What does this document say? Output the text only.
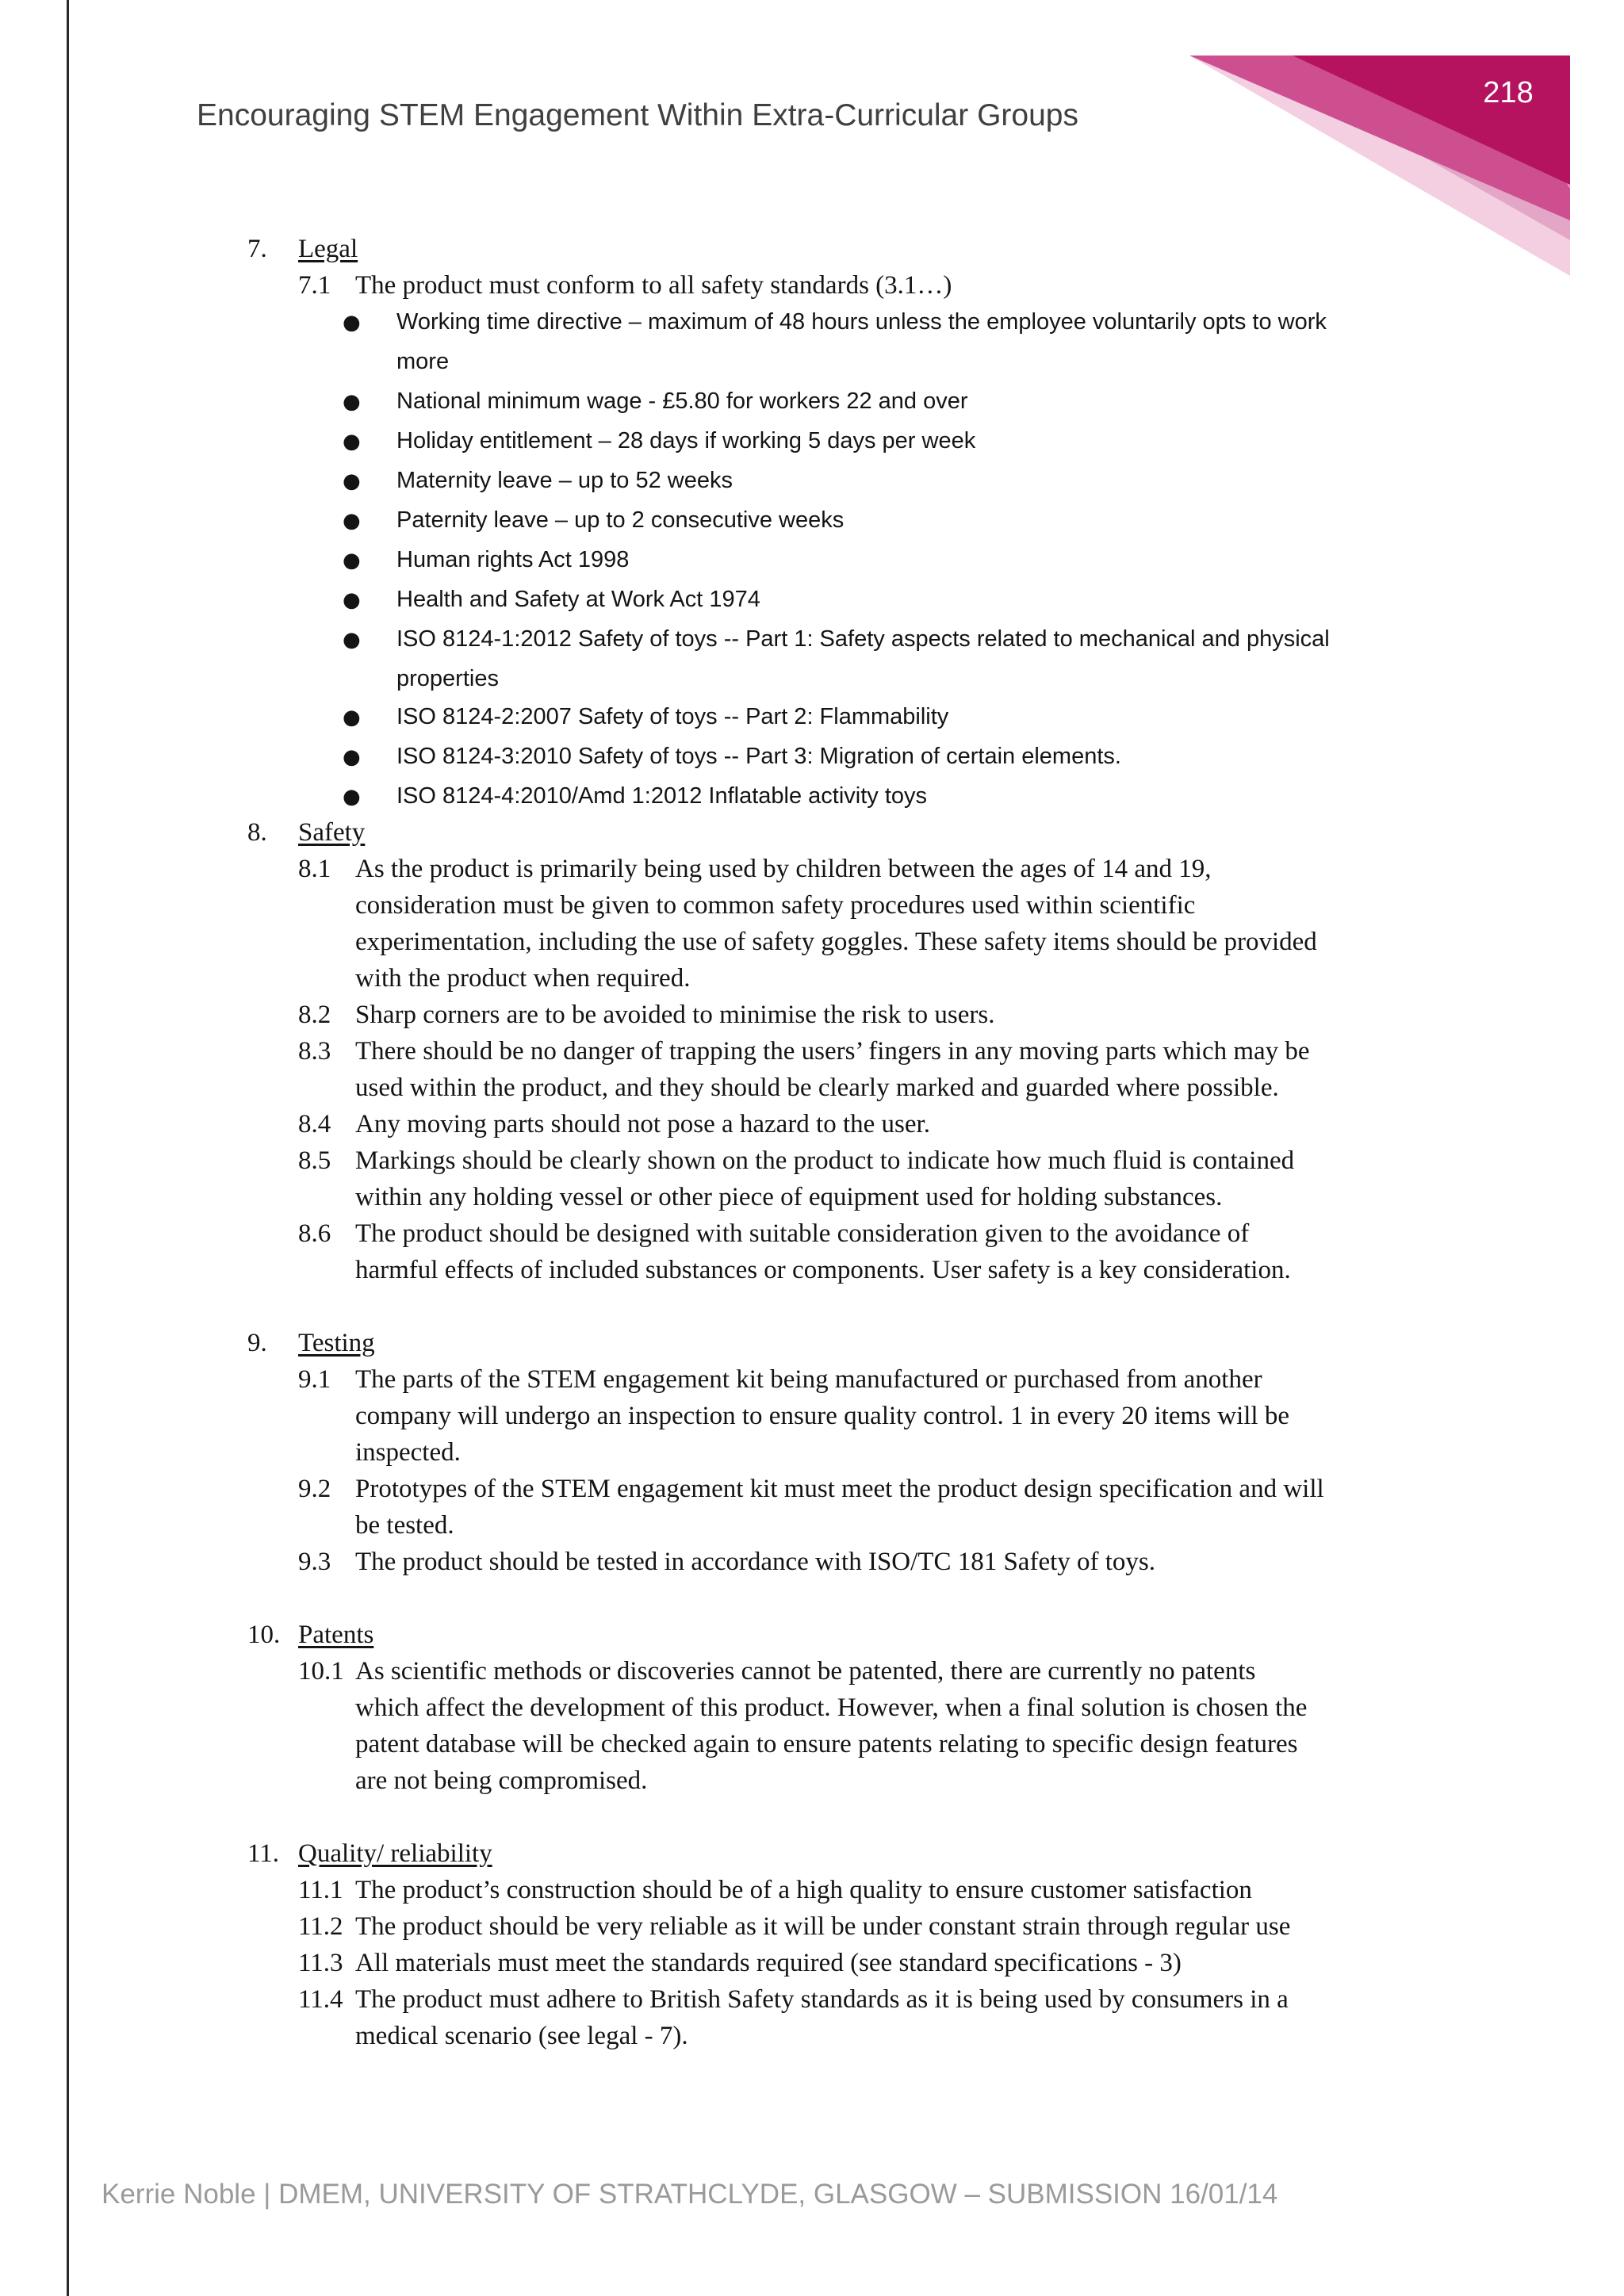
218
Encouraging STEM Engagement Within Extra-Curricular Groups
7. Legal
7.1 The product must conform to all safety standards (3.1…)
● Working time directive – maximum of 48 hours unless the employee voluntarily opts to work
more
● National minimum wage - £5.80 for workers 22 and over
● Holiday entitlement – 28 days if working 5 days per week
● Maternity leave – up to 52 weeks
● Paternity leave – up to 2 consecutive weeks
● Human rights Act 1998
● Health and Safety at Work Act 1974
● ISO 8124-1:2012 Safety of toys -- Part 1: Safety aspects related to mechanical and physical
properties
● ISO 8124-2:2007 Safety of toys -- Part 2: Flammability
● ISO 8124-3:2010 Safety of toys -- Part 3: Migration of certain elements.
● ISO 8124-4:2010/Amd 1:2012 Inflatable activity toys
8. Safety
8.1 As the product is primarily being used by children between the ages of 14 and 19,
consideration must be given to common safety procedures used within scientific
experimentation, including the use of safety goggles. These safety items should be provided
with the product when required.
8.2 Sharp corners are to be avoided to minimise the risk to users.
8.3 There should be no danger of trapping the users’ fingers in any moving parts which may be
used within the product, and they should be clearly marked and guarded where possible.
8.4 Any moving parts should not pose a hazard to the user.
8.5 Markings should be clearly shown on the product to indicate how much fluid is contained
within any holding vessel or other piece of equipment used for holding substances.
8.6 The product should be designed with suitable consideration given to the avoidance of
harmful effects of included substances or components. User safety is a key consideration.
9. Testing
9.1 The parts of the STEM engagement kit being manufactured or purchased from another
company will undergo an inspection to ensure quality control. 1 in every 20 items will be
inspected.
9.2 Prototypes of the STEM engagement kit must meet the product design specification and will
be tested.
9.3 The product should be tested in accordance with ISO/TC 181 Safety of toys.
10. Patents
10.1 As scientific methods or discoveries cannot be patented, there are currently no patents
which affect the development of this product. However, when a final solution is chosen the
patent database will be checked again to ensure patents relating to specific design features
are not being compromised.
11. Quality/ reliability
11.1 The product’s construction should be of a high quality to ensure customer satisfaction
11.2 The product should be very reliable as it will be under constant strain through regular use
11.3 All materials must meet the standards required (see standard specifications - 3)
11.4 The product must adhere to British Safety standards as it is being used by consumers in a
medical scenario (see legal - 7).
Kerrie Noble | DMEM, UNIVERSITY OF STRATHCLYDE, GLASGOW – SUBMISSION 16/01/14
